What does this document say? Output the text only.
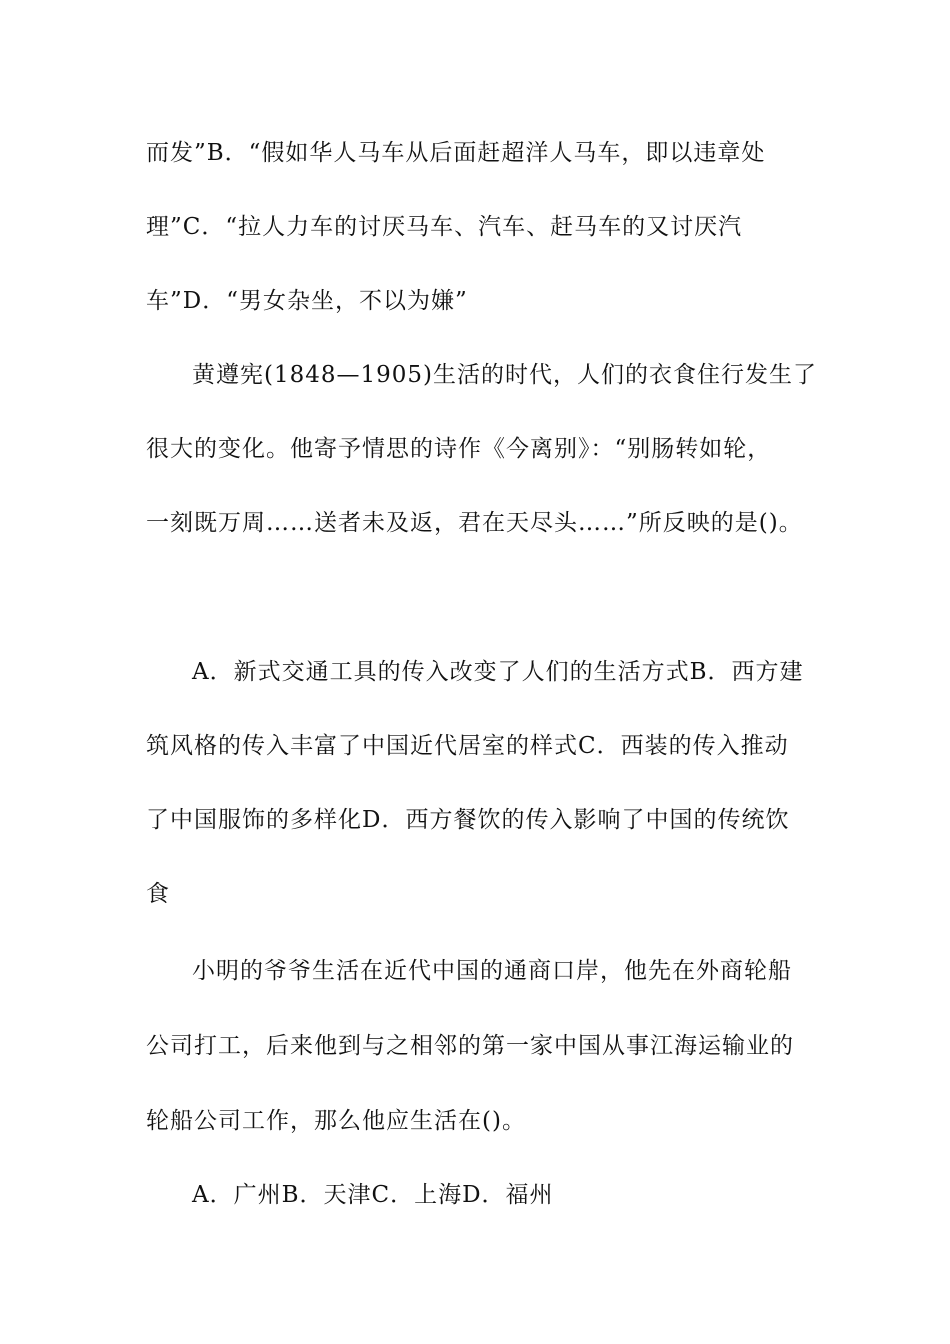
而发”B．“假如华人马车从后面赶超洋人马车，即以违章处
理”C．“拉人力车的讨厌马车、汽车、赶马车的又讨厌汽
车”D．“男女杂坐，不以为嫌”
黄遵宪(1848—1905)生活的时代，人们的衣食住行发生了
很大的变化。他寄予情思的诗作《今离别》：“别肠转如轮，
一刻既万周……送者未及返，君在天尽头……”所反映的是()。
A．新式交通工具的传入改变了人们的生活方式B．西方建
筑风格的传入丰富了中国近代居室的样式C．西装的传入推动
了中国服饰的多样化D．西方餐饮的传入影响了中国的传统饮
食
小明的爷爷生活在近代中国的通商口岸，他先在外商轮船
公司打工，后来他到与之相邻的第一家中国从事江海运输业的
轮船公司工作，那么他应生活在()。
A．广州B．天津C．上海D．福州
